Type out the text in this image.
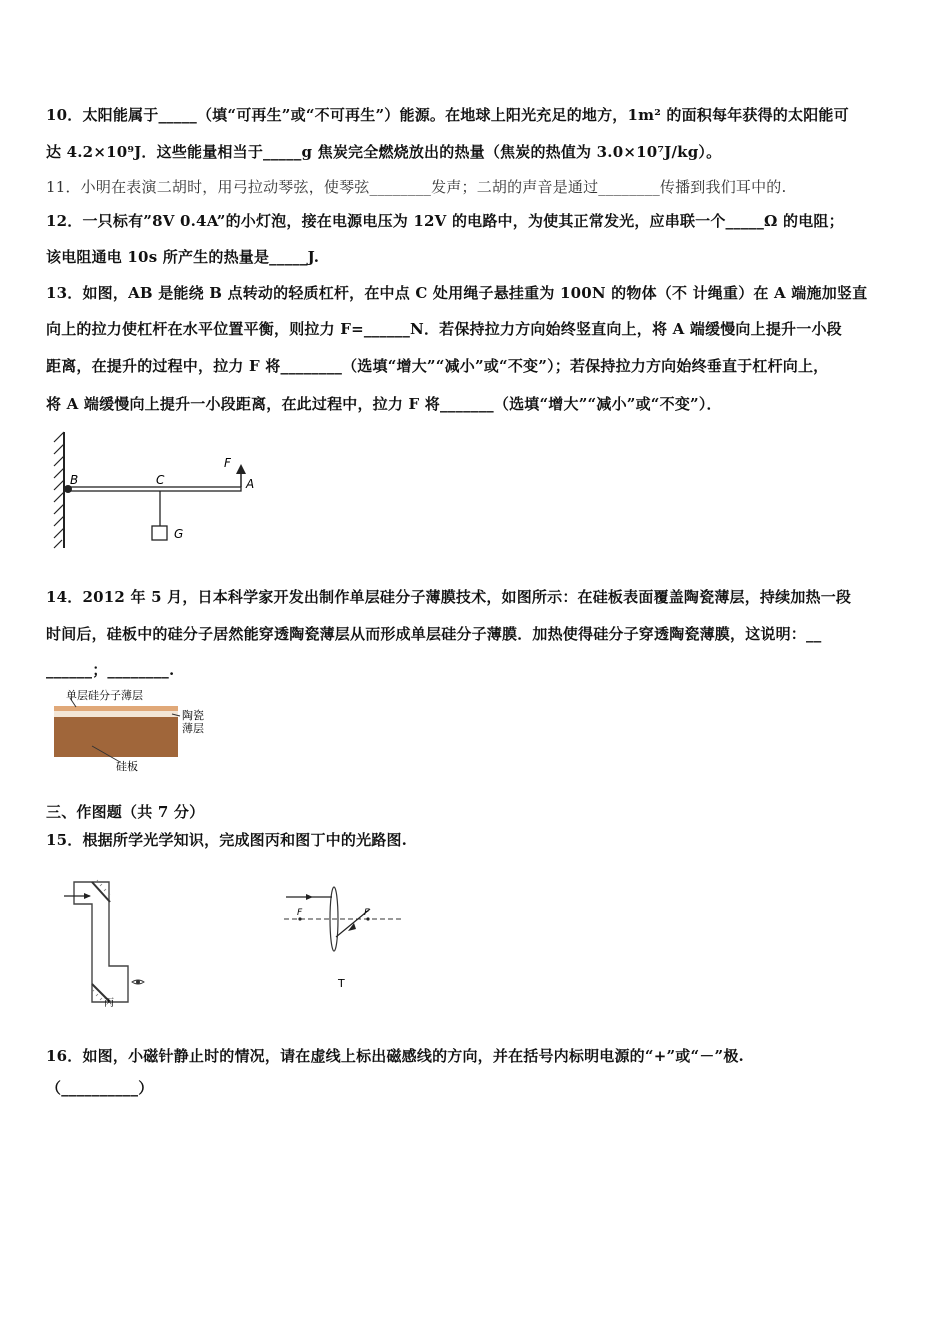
10．太阳能属于_____（填“可再生”或“不可再生”）能源。在地球上阳光充足的地方，1m² 的面积每年获得的太阳能可
达 4.2×10⁹J．这些能量相当于_____g 焦炭完全燃烧放出的热量（焦炭的热值为 3.0×10⁷J/kg）。
11．小明在表演二胡时，用弓拉动琴弦，使琴弦________发声；二胡的声音是通过________传播到我们耳中的.
12．一只标有”8V 0.4A”的小灯泡，接在电源电压为 12V 的电路中，为使其正常发光，应串联一个_____Ω 的电阻；
该电阻通电 10s 所产生的热量是_____J.
13．如图，AB 是能绕 B 点转动的轻质杠杆，在中点 C 处用绳子悬挂重为 100N 的物体（不 计绳重）在 A 端施加竖直
向上的拉力使杠杆在水平位置平衡，则拉力 F=______N．若保持拉力方向始终竖直向上，将 A 端缓慢向上提升一小段
距离，在提升的过程中，拉力 F 将________（选填“增大”“减小”或“不变”）；若保持拉力方向始终垂直于杠杆向上，
将 A 端缓慢向上提升一小段距离，在此过程中，拉力 F 将_______（选填“增大”“减小”或“不变”）．
B	C	A
F
G
14．2012 年 5 月，日本科学家开发出制作单层硅分子薄膜技术，如图所示：在硅板表面覆盖陶瓷薄层，持续加热一段
时间后，硅板中的硅分子居然能穿透陶瓷薄层从而形成单层硅分子薄膜．加热使得硅分子穿透陶瓷薄膜，这说明：__
______；________.
单层硅分子薄层
陶瓷
薄层
硅板
三、作图题（共 7 分）
15．根据所学光学知识，完成图丙和图丁中的光路图.
丙
F	F
T
16．如图，小磁针静止时的情况，请在虚线上标出磁感线的方向，并在括号内标明电源的“+”或“－”极.
（__________）
